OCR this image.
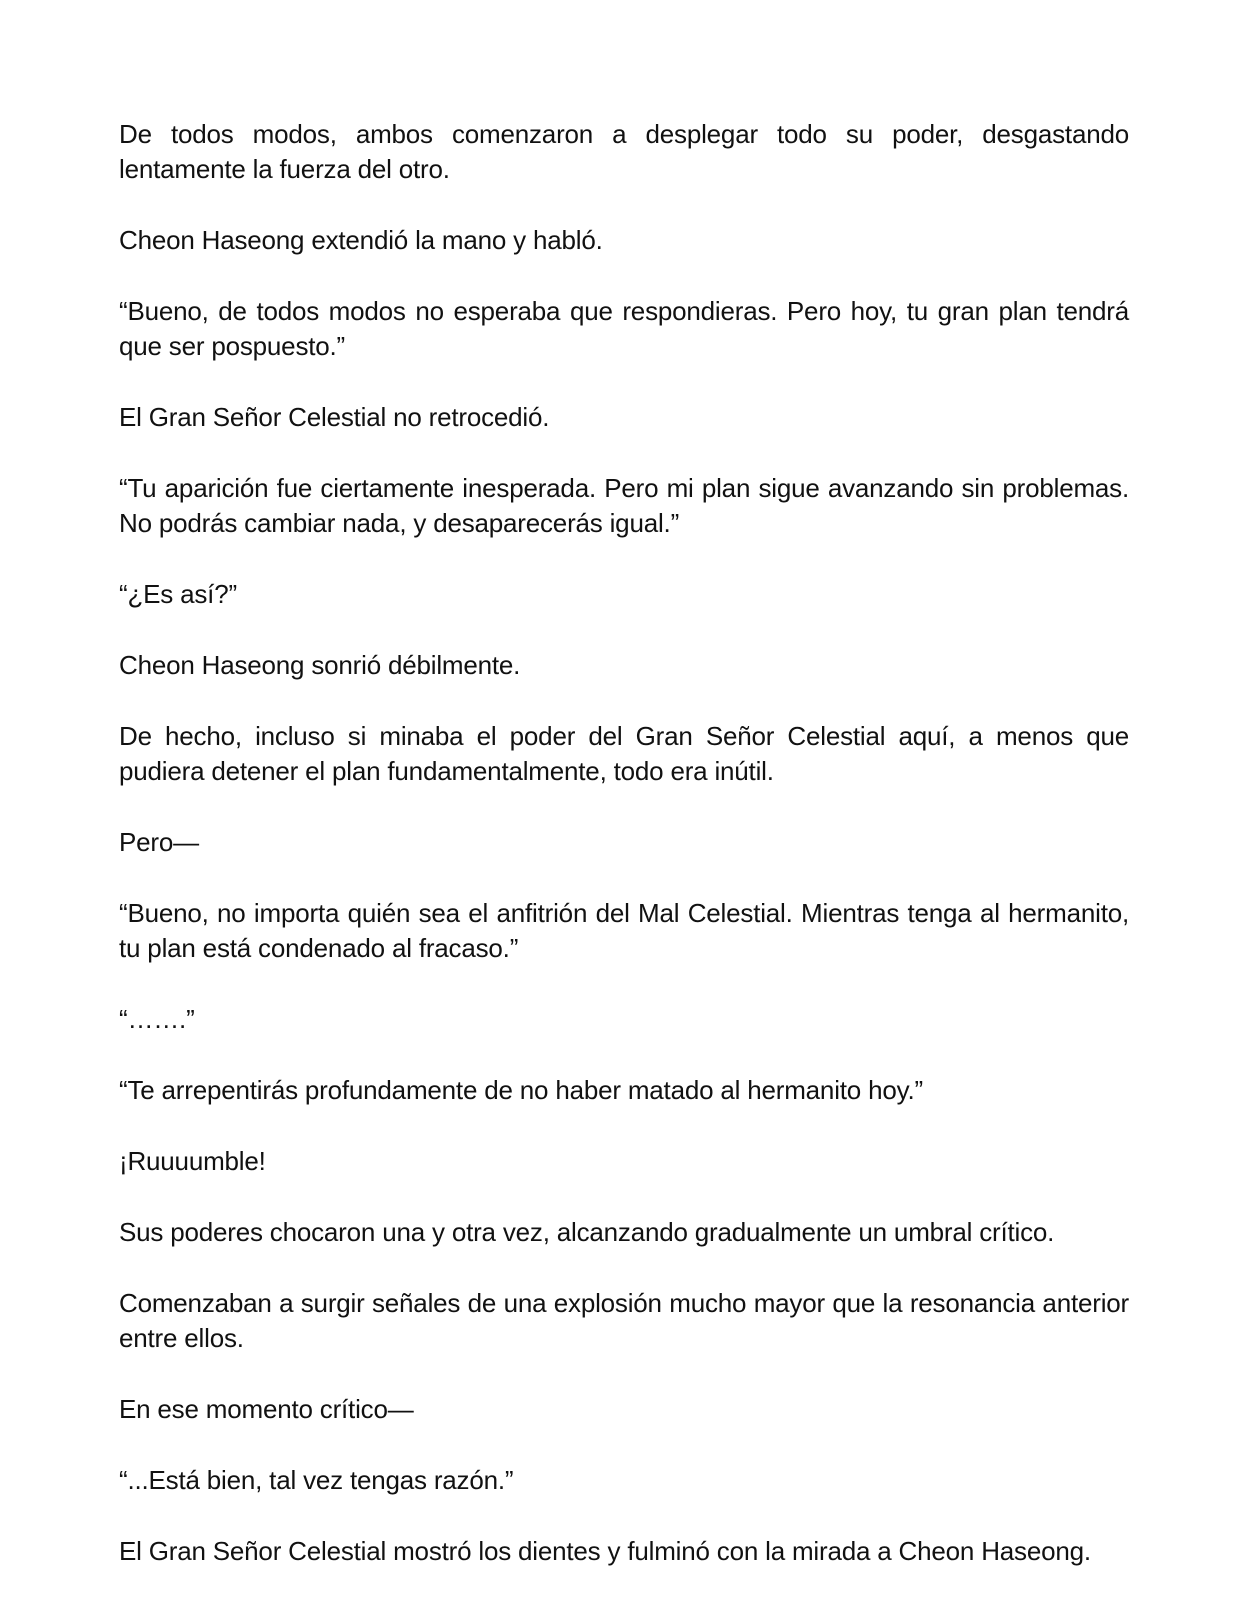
De todos modos, ambos comenzaron a desplegar todo su poder, desgastando lentamente la fuerza del otro.

Cheon Haseong extendió la mano y habló.

“Bueno, de todos modos no esperaba que respondieras. Pero hoy, tu gran plan tendrá que ser pospuesto.”

El Gran Señor Celestial no retrocedió.

“Tu aparición fue ciertamente inesperada. Pero mi plan sigue avanzando sin problemas. No podrás cambiar nada, y desaparecerás igual.”

“¿Es así?”

Cheon Haseong sonrió débilmente.

De hecho, incluso si minaba el poder del Gran Señor Celestial aquí, a menos que pudiera detener el plan fundamentalmente, todo era inútil.

Pero—

“Bueno, no importa quién sea el anfitrión del Mal Celestial. Mientras tenga al hermanito, tu plan está condenado al fracaso.”

“…….”

“Te arrepentirás profundamente de no haber matado al hermanito hoy.”

¡Ruuuumble!

Sus poderes chocaron una y otra vez, alcanzando gradualmente un umbral crítico.

Comenzaban a surgir señales de una explosión mucho mayor que la resonancia anterior entre ellos.

En ese momento crítico—

“...Está bien, tal vez tengas razón.”

El Gran Señor Celestial mostró los dientes y fulminó con la mirada a Cheon Haseong.
